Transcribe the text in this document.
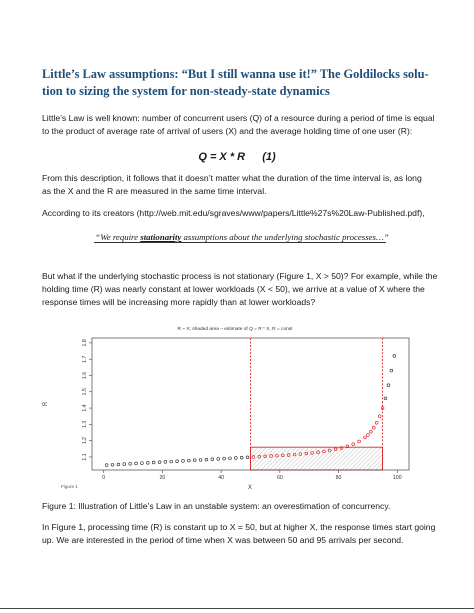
Little’s Law assumptions: “But I still wanna use it!” The Goldilocks solu-
tion to sizing the system for non-steady-state dynamics

Little’s Law is well known: number of concurrent users (Q) of a resource during a period of time is equal
to the product of average rate of arrival of users (X) and the average holding time of one user (R):

Q = X * R (1)

From this description, it follows that it doesn’t matter what the duration of the time interval is, as long
as the X and the R are measured in the same time interval.

According to its creators (http://web.mit.edu/sgraves/www/papers/Little%27s%20Law-Published.pdf),

“We require stationarity assumptions about the underlying stochastic processes…”

But what if the underlying stochastic process is not stationary (Figure 1, X > 50)? For example, while the
holding time (R) was nearly constant at lower workloads (X < 50), we arrive at a value of X where the
response times will be increasing more rapidly than at lower workloads?

R ~ X; shaded area – estimate of Q = R * X, R = const
0	20	40	60	80	100
1.1
1.2
1.3
1.4
1.5
1.6
1.7
1.8
X
R
Figure 1

Figure 1: Illustration of Little’s Law in an unstable system: an overestimation of concurrency.

In Figure 1, processing time (R) is constant up to X = 50, but at higher X, the response times start going
up. We are interested in the period of time when X was between 50 and 95 arrivals per second.
